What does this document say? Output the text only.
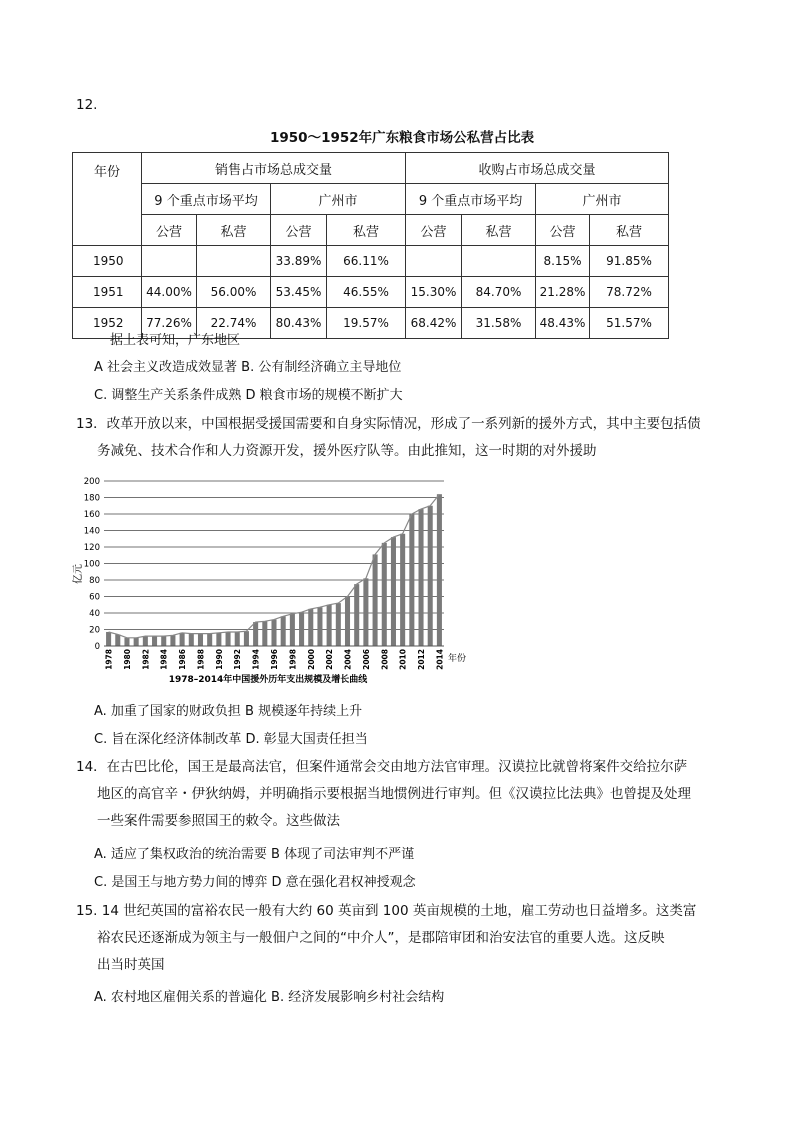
12.
1950～1952年广东粮食市场公私营占比表
年份	销售占市场总成交量				收购占市场总成交量			
	9 个重点市场平均		广州市		9 个重点市场平均		广州市	
	公营	私营	公营	私营	公营	私营	公营	私营
1950			33.89%	66.11%			8.15%	91.85%
1951	44.00%	56.00%	53.45%	46.55%	15.30%	84.70%	21.28%	78.72%
1952	77.26%	22.74%	80.43%	19.57%	68.42%	31.58%	48.43%	51.57%
据上表可知，广东地区
A 社会主义改造成效显著 B. 公有制经济确立主导地位
C. 调整生产关系条件成熟 D 粮食市场的规模不断扩大
13．改革开放以来，中国根据受援国需要和自身实际情况，形成了一系列新的援外方式，其中主要包括债
务减免、技术合作和人力资源开发，援外医疗队等。由此推知，这一时期的对外援助
0
20
40
60
80
100
120
140
160
180
200
1978 1980 1982 1984 1986 1988 1990 1992 1994 1996 1998 2000 2002 2004 2006 2008 2010 2012 2014
亿元
年份
1978–2014年中国援外历年支出规模及增长曲线
A. 加重了国家的财政负担 B 规模逐年持续上升
C. 旨在深化经济体制改革 D. 彰显大国责任担当
14．在古巴比伦，国王是最高法官，但案件通常会交由地方法官审理。汉谟拉比就曾将案件交给拉尔萨
地区的高官辛・伊狄纳姆，并明确指示要根据当地惯例进行审判。但《汉谟拉比法典》也曾提及处理
一些案件需要参照国王的敕令。这些做法
A. 适应了集权政治的统治需要 B 体现了司法审判不严谨
C. 是国王与地方势力间的博弈 D 意在强化君权神授观念
15. 14 世纪英国的富裕农民一般有大约 60 英亩到 100 英亩规模的土地，雇工劳动也日益增多。这类富
裕农民还逐渐成为领主与一般佃户之间的“中介人”，是郡陪审团和治安法官的重要人选。这反映
出当时英国
A. 农村地区雇佣关系的普遍化 B. 经济发展影响乡村社会结构
